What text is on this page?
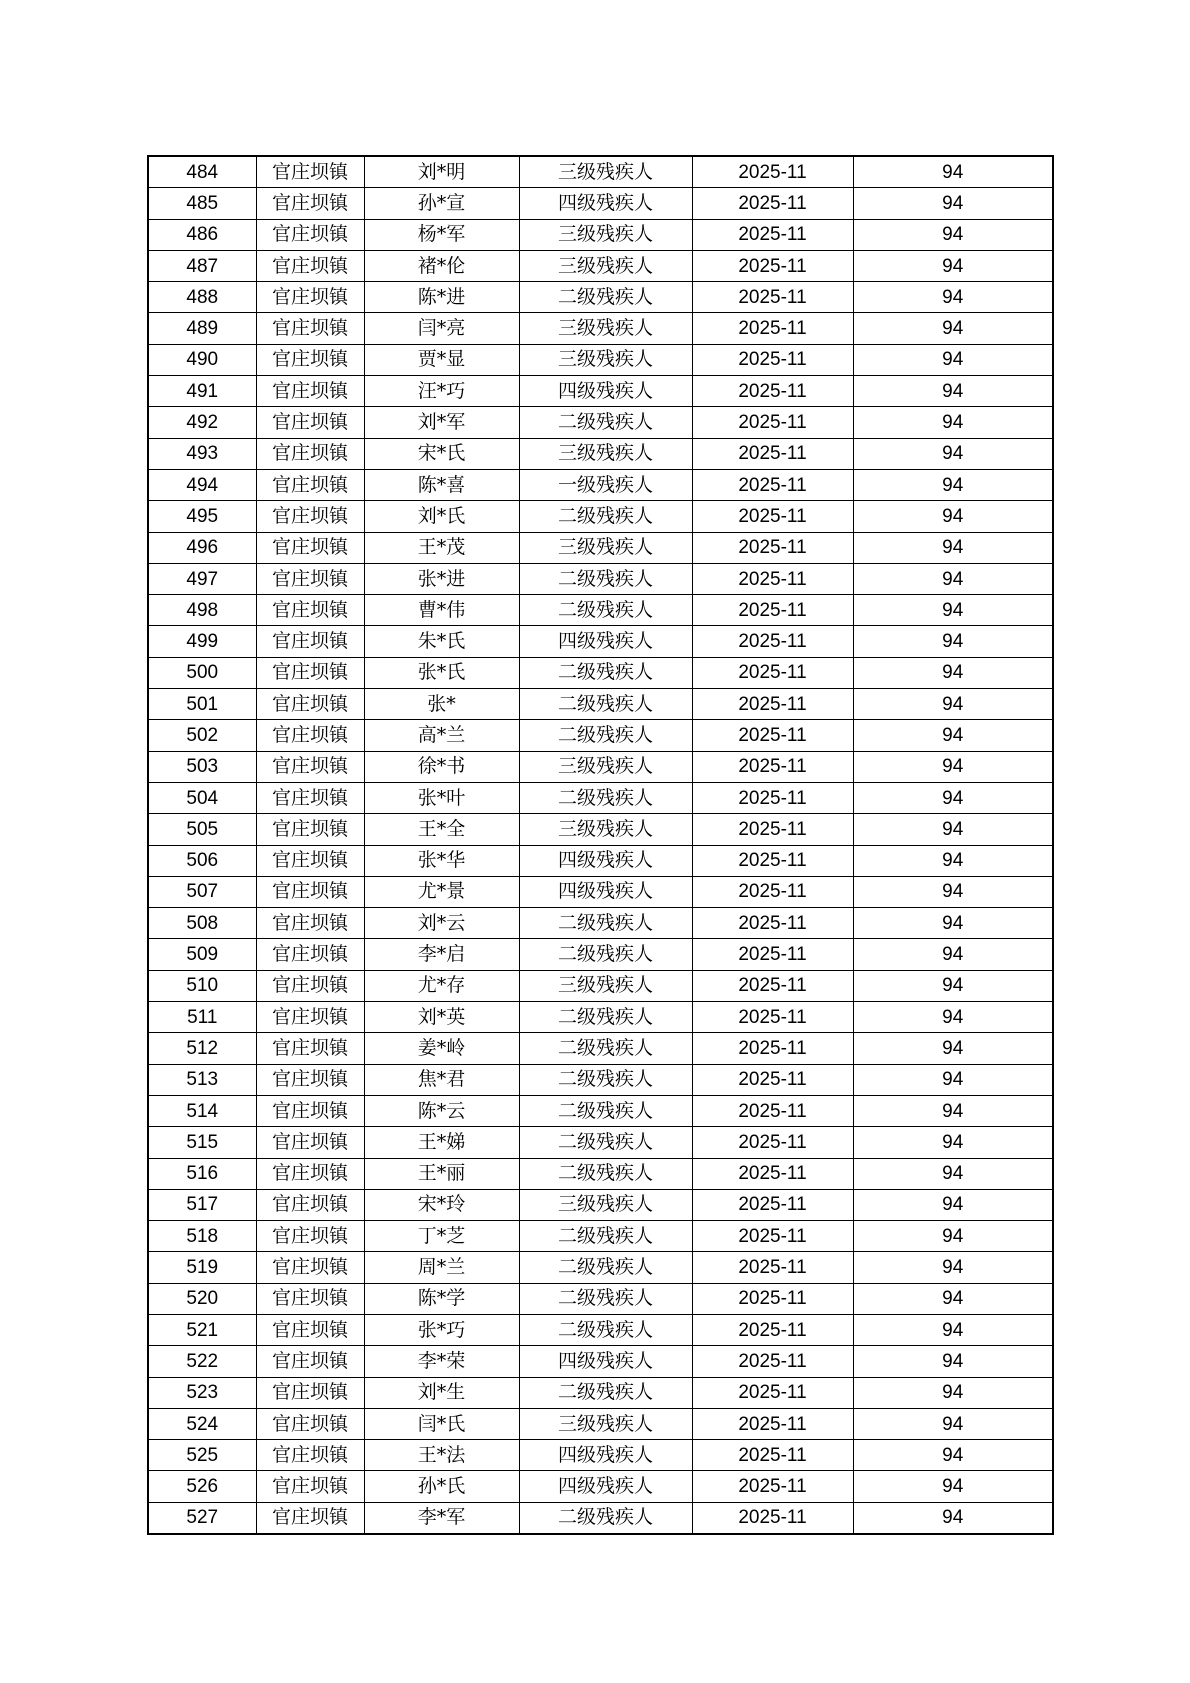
484	官庄坝镇	刘*明	三级残疾人	2025-11	94
485	官庄坝镇	孙*宣	四级残疾人	2025-11	94
486	官庄坝镇	杨*军	三级残疾人	2025-11	94
487	官庄坝镇	褚*伦	三级残疾人	2025-11	94
488	官庄坝镇	陈*进	二级残疾人	2025-11	94
489	官庄坝镇	闫*亮	三级残疾人	2025-11	94
490	官庄坝镇	贾*显	三级残疾人	2025-11	94
491	官庄坝镇	汪*巧	四级残疾人	2025-11	94
492	官庄坝镇	刘*军	二级残疾人	2025-11	94
493	官庄坝镇	宋*氏	三级残疾人	2025-11	94
494	官庄坝镇	陈*喜	一级残疾人	2025-11	94
495	官庄坝镇	刘*氏	二级残疾人	2025-11	94
496	官庄坝镇	王*茂	三级残疾人	2025-11	94
497	官庄坝镇	张*进	二级残疾人	2025-11	94
498	官庄坝镇	曹*伟	二级残疾人	2025-11	94
499	官庄坝镇	朱*氏	四级残疾人	2025-11	94
500	官庄坝镇	张*氏	二级残疾人	2025-11	94
501	官庄坝镇	张*	二级残疾人	2025-11	94
502	官庄坝镇	高*兰	二级残疾人	2025-11	94
503	官庄坝镇	徐*书	三级残疾人	2025-11	94
504	官庄坝镇	张*叶	二级残疾人	2025-11	94
505	官庄坝镇	王*全	三级残疾人	2025-11	94
506	官庄坝镇	张*华	四级残疾人	2025-11	94
507	官庄坝镇	尤*景	四级残疾人	2025-11	94
508	官庄坝镇	刘*云	二级残疾人	2025-11	94
509	官庄坝镇	李*启	二级残疾人	2025-11	94
510	官庄坝镇	尤*存	三级残疾人	2025-11	94
511	官庄坝镇	刘*英	二级残疾人	2025-11	94
512	官庄坝镇	姜*岭	二级残疾人	2025-11	94
513	官庄坝镇	焦*君	二级残疾人	2025-11	94
514	官庄坝镇	陈*云	二级残疾人	2025-11	94
515	官庄坝镇	王*娣	二级残疾人	2025-11	94
516	官庄坝镇	王*丽	二级残疾人	2025-11	94
517	官庄坝镇	宋*玲	三级残疾人	2025-11	94
518	官庄坝镇	丁*芝	二级残疾人	2025-11	94
519	官庄坝镇	周*兰	二级残疾人	2025-11	94
520	官庄坝镇	陈*学	二级残疾人	2025-11	94
521	官庄坝镇	张*巧	二级残疾人	2025-11	94
522	官庄坝镇	李*荣	四级残疾人	2025-11	94
523	官庄坝镇	刘*生	二级残疾人	2025-11	94
524	官庄坝镇	闫*氏	三级残疾人	2025-11	94
525	官庄坝镇	王*法	四级残疾人	2025-11	94
526	官庄坝镇	孙*氏	四级残疾人	2025-11	94
527	官庄坝镇	李*军	二级残疾人	2025-11	94
